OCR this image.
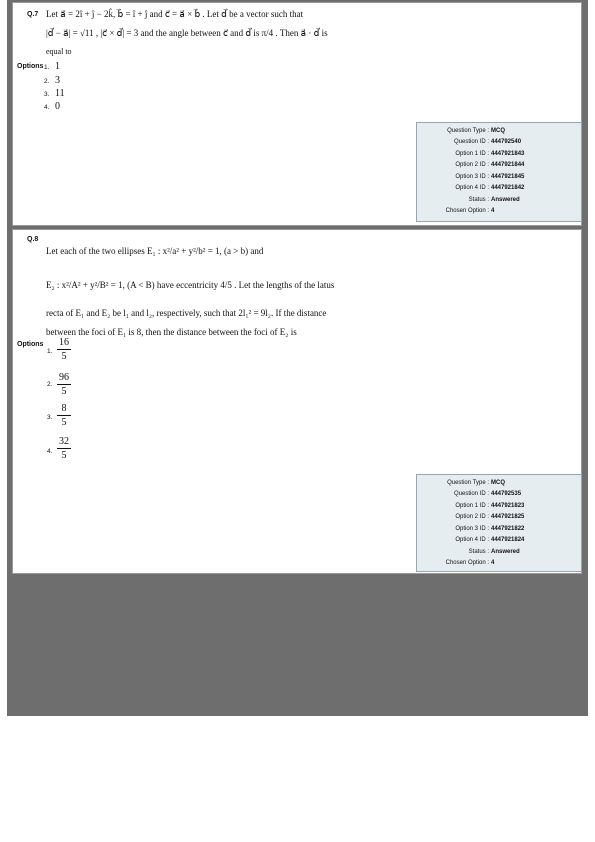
Q.7 Let a⃗ = 2î + ĵ − 2k̂, b⃗ = î + ĵ and c⃗ = a⃗ × b⃗ . Let d⃗ be a vector such that
|d⃗ − a⃗| = √11 , |c⃗ × d⃗| = 3 and the angle between c⃗ and d⃗ is π/4 . Then a⃗ · d⃗ is
equal to
Options 1. 1
2. 3
3. 11
4. 0
Question Type : MCQ
Question ID : 444792540
Option 1 ID : 4447921843
Option 2 ID : 4447921844
Option 3 ID : 4447921845
Option 4 ID : 4447921842
Status : Answered
Chosen Option : 4
Q.8
Let each of the two ellipses E₁ : x²/a² + y²/b² = 1, (a > b) and
E₂ : x²/A² + y²/B² = 1, (A < B) have eccentricity 4/5 . Let the lengths of the latus
recta of E₁ and E₂ be l₁ and l₂, respectively, such that 2l₁² = 9l₂. If the distance
between the foci of E₁ is 8, then the distance between the foci of E₂ is
Options
1.
16
5
2.
96
5
3.
8
5
4.
32
5
Question Type : MCQ
Question ID : 444792535
Option 1 ID : 4447921823
Option 2 ID : 4447921825
Option 3 ID : 4447921822
Option 4 ID : 4447921824
Status : Answered
Chosen Option : 4
